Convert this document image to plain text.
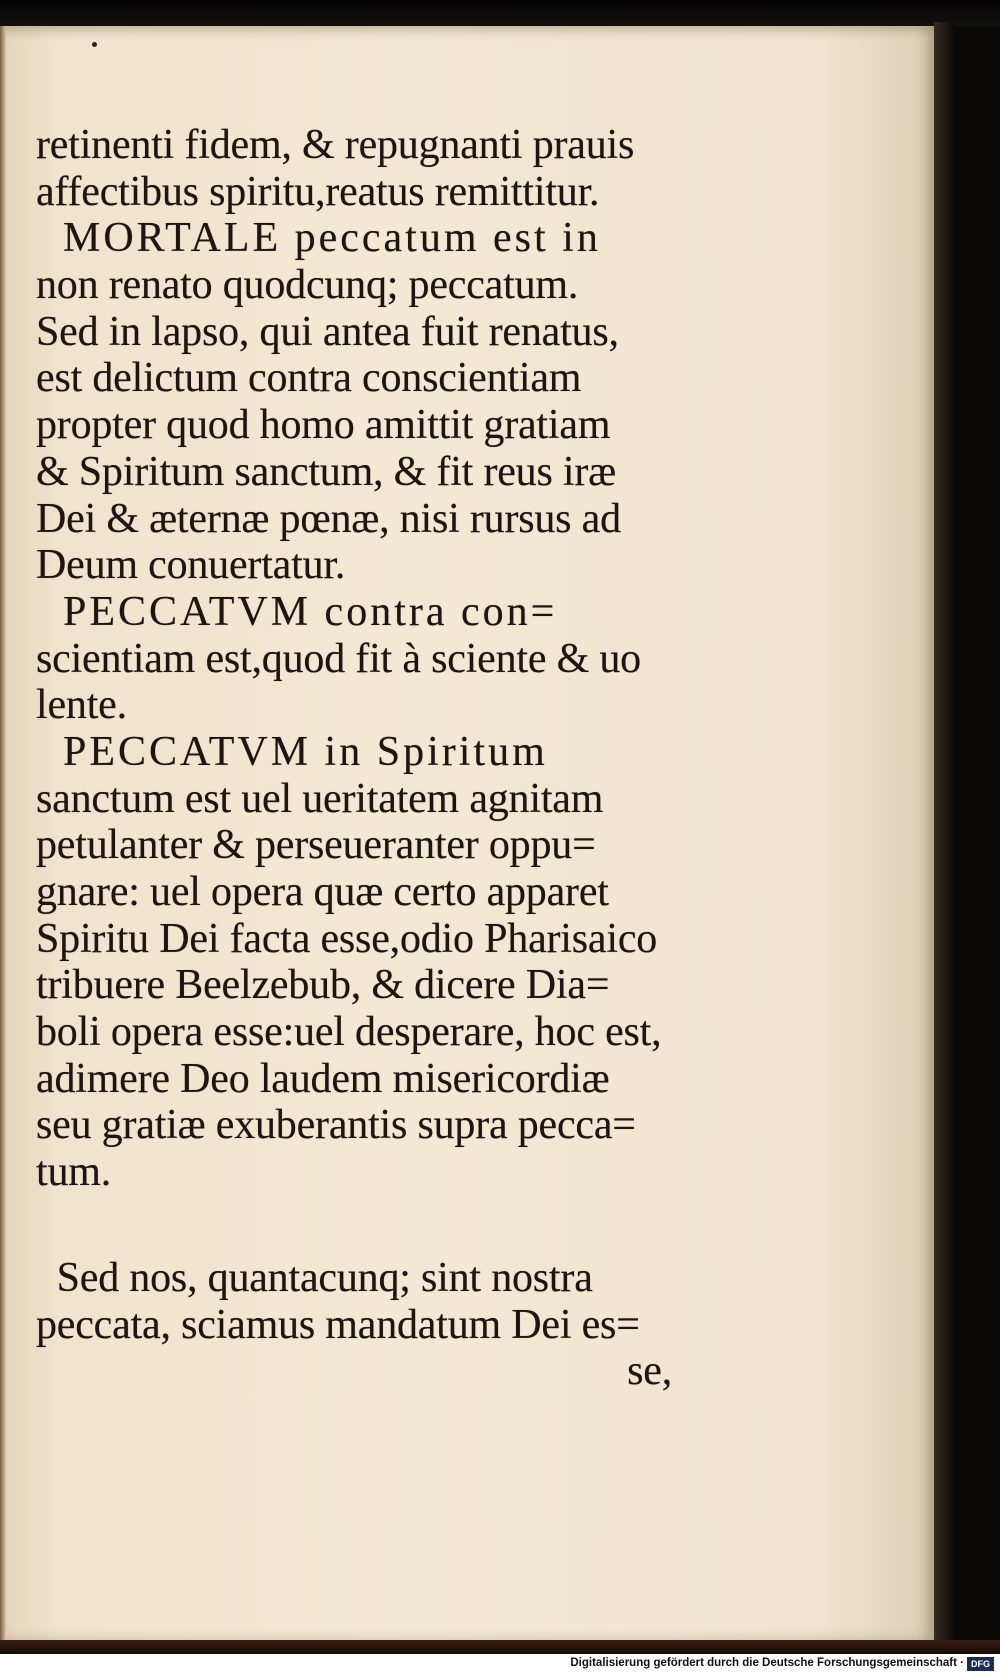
retinenti fidem, & repugnanti prauis
affectibus spiritu,reatus remittitur.
MORTALE peccatum est in
non renato quodcunq; peccatum.
Sed in lapso, qui antea fuit renatus,
est delictum contra conscientiam
propter quod homo amittit gratiam
& Spiritum sanctum, & fit reus iræ
Dei & æternæ pœnæ, nisi rursus ad
Deum conuertatur.
PECCATVM contra con=
scientiam est,quod fit à sciente & uo
lente.
PECCATVM in Spiritum
sanctum est uel ueritatem agnitam
petulanter & perseueranter oppu=
gnare: uel opera quæ certo apparet
Spiritu Dei facta esse,odio Pharisaico
tribuere Beelzebub, & dicere Dia=
boli opera esse:uel desperare, hoc est,
adimere Deo laudem misericordiæ
seu gratiæ exuberantis supra pecca=
tum.
Sed nos, quantacunq; sint nostra
peccata, sciamus mandatum Dei es=
se,
Digitalisierung gefördert durch die Deutsche Forschungsgemeinschaft · DFG
